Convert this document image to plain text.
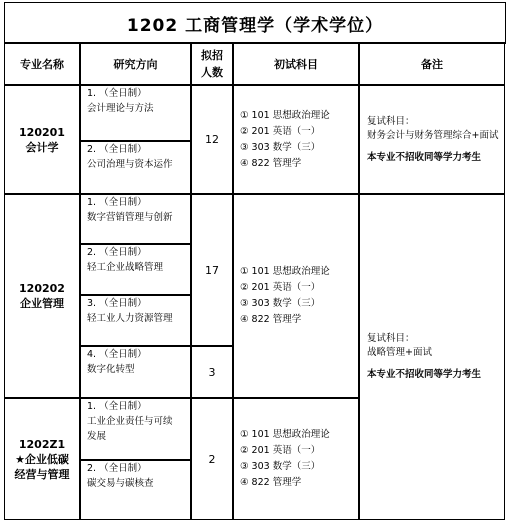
1202 工商管理学（学术学位）
专业名称	研究方向
拟招
人数
初试科目	备注
120201
会计学
1. （全日制）
会计理论与方法
2. （全日制）
公司治理与资本运作
12
① 101 思想政治理论
② 201 英语（一）
③ 303 数学（三）
④ 822 管理学
复试科目：
财务会计与财务管理综合+面试
本专业不招收同等学力考生
120202
企业管理
1. （全日制）
数字营销管理与创新
2. （全日制）
轻工企业战略管理
3. （全日制）
轻工业人力资源管理
4. （全日制）
数字化转型
17
3
① 101 思想政治理论
② 201 英语（一）
③ 303 数学（三）
④ 822 管理学
复试科目：
战略管理+面试
本专业不招收同等学力考生
1202Z1
★企业低碳
经营与管理
1. （全日制）
工业企业责任与可续
发展
2. （全日制）
碳交易与碳核查
2
① 101 思想政治理论
② 201 英语（一）
③ 303 数学（三）
④ 822 管理学
